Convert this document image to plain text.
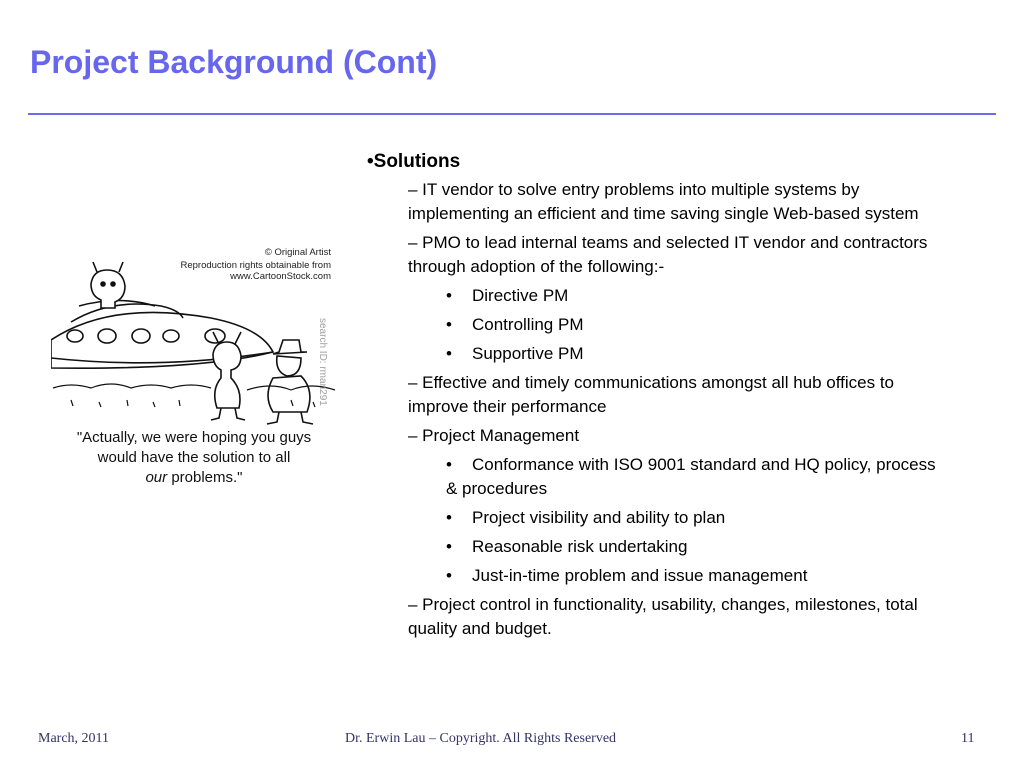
Project Background (Cont)
© Original Artist
Reproduction rights obtainable from
www.CartoonStock.com
search ID: rman291
"Actually, we were hoping you guys
would have the solution to all
our problems."
•Solutions
– IT vendor to solve entry problems into multiple systems by implementing an efficient and time saving single Web-based system
– PMO to lead internal teams and selected IT vendor and contractors through adoption of the following:-
•	Directive PM
•	Controlling PM
•	Supportive PM
– Effective and timely communications amongst all hub offices to improve their performance
– Project Management
•	Conformance with ISO 9001 standard and HQ policy, process & procedures
•	Project visibility and ability to plan
•	Reasonable risk undertaking
•	Just-in-time problem and issue management
– Project control in functionality, usability, changes, milestones, total quality and budget.
March, 2011	Dr. Erwin Lau – Copyright. All Rights Reserved	11
